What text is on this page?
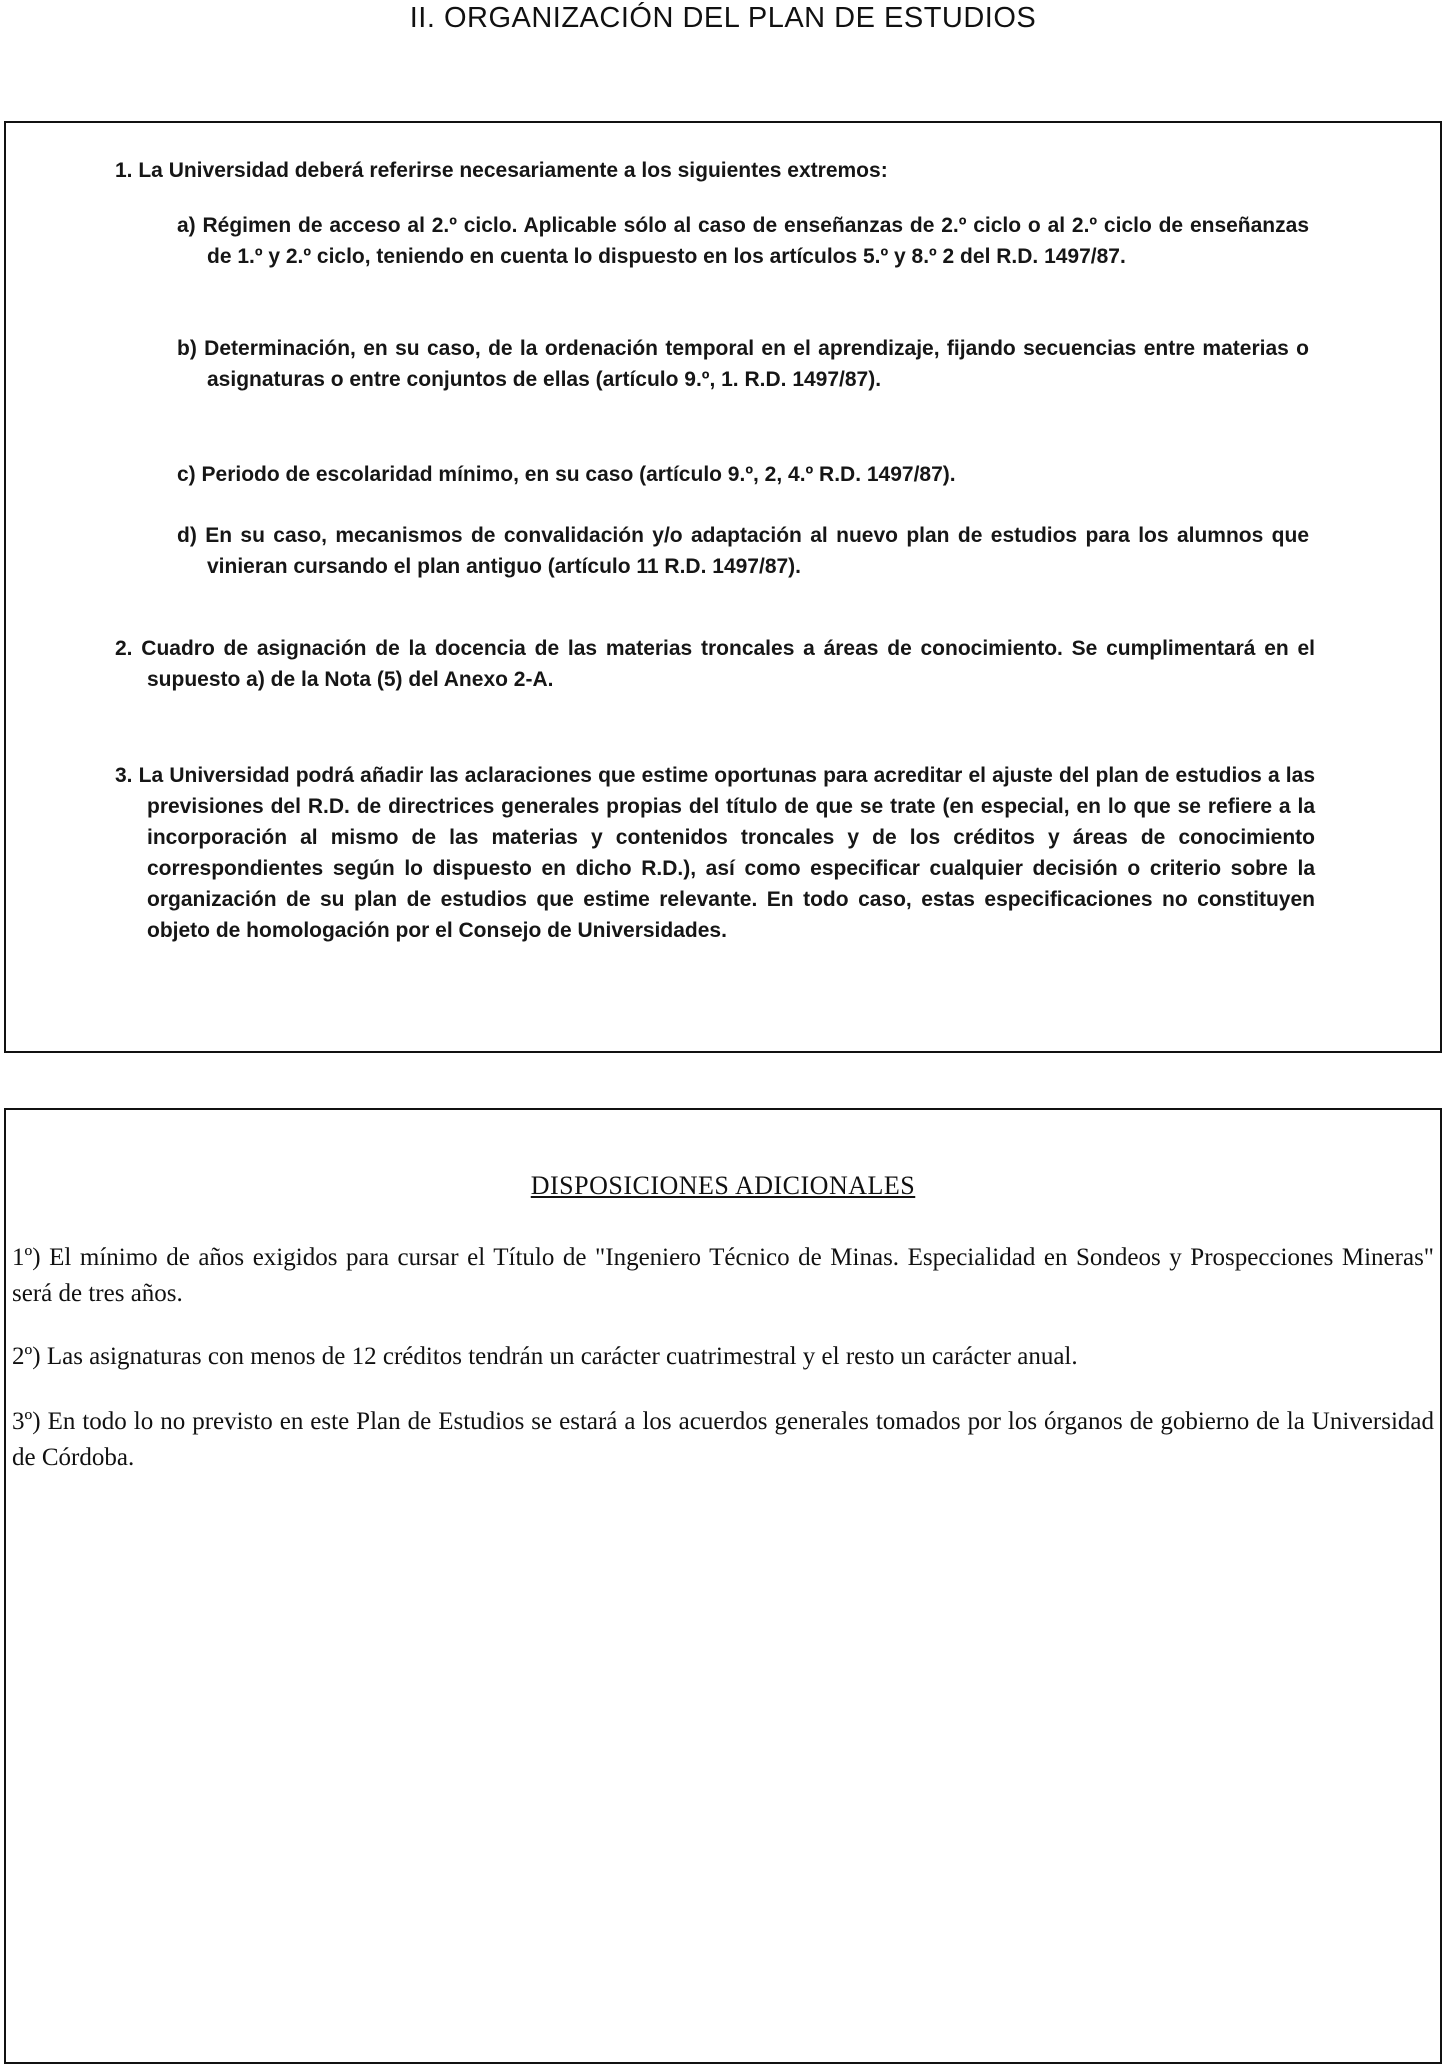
II. ORGANIZACIÓN DEL PLAN DE ESTUDIOS
1. La Universidad deberá referirse necesariamente a los siguientes extremos:
a) Régimen de acceso al 2.º ciclo. Aplicable sólo al caso de enseñanzas de 2.º ciclo o al 2.º ciclo de enseñanzas de 1.º y 2.º ciclo, teniendo en cuenta lo dispuesto en los artículos 5.º y 8.º 2 del R.D. 1497/87.
b) Determinación, en su caso, de la ordenación temporal en el aprendizaje, fijando secuencias entre materias o asignaturas o entre conjuntos de ellas (artículo 9.º, 1. R.D. 1497/87).
c) Periodo de escolaridad mínimo, en su caso (artículo 9.º, 2, 4.º R.D. 1497/87).
d) En su caso, mecanismos de convalidación y/o adaptación al nuevo plan de estudios para los alumnos que vinieran cursando el plan antiguo (artículo 11 R.D. 1497/87).
2. Cuadro de asignación de la docencia de las materias troncales a áreas de conocimiento. Se cumplimentará en el supuesto a) de la Nota (5) del Anexo 2-A.
3. La Universidad podrá añadir las aclaraciones que estime oportunas para acreditar el ajuste del plan de estudios a las previsiones del R.D. de directrices generales propias del título de que se trate (en especial, en lo que se refiere a la incorporación al mismo de las materias y contenidos troncales y de los créditos y áreas de conocimiento correspondientes según lo dispuesto en dicho R.D.), así como especificar cualquier decisión o criterio sobre la organización de su plan de estudios que estime relevante. En todo caso, estas especificaciones no constituyen objeto de homologación por el Consejo de Universidades.
DISPOSICIONES ADICIONALES
1º) El mínimo de años exigidos para cursar el Título de "Ingeniero Técnico de Minas. Especialidad en Sondeos y Prospecciones Mineras" será de tres años.
2º) Las asignaturas con menos de 12 créditos tendrán un carácter cuatrimestral y el resto un carácter anual.
3º) En todo lo no previsto en este Plan de Estudios se estará a los acuerdos generales tomados por los órganos de gobierno de la Universidad de Córdoba.
